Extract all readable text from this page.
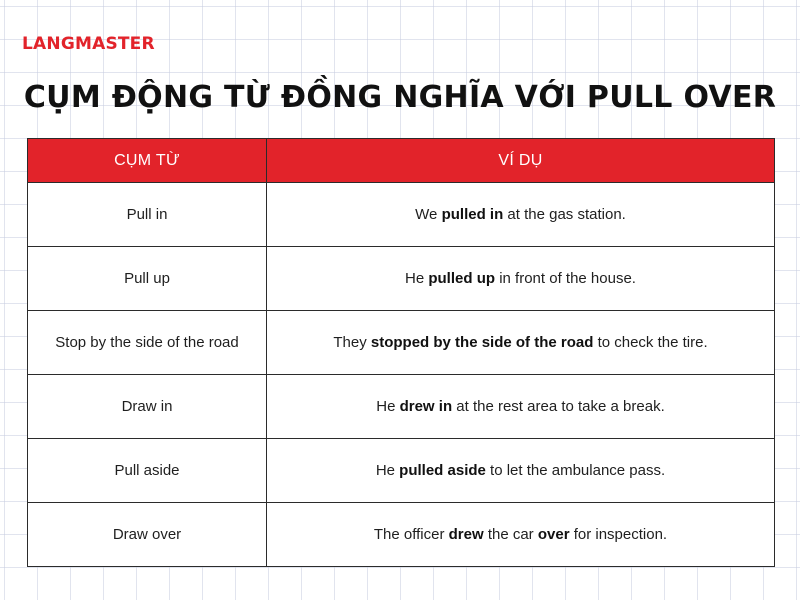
LANGMASTER
CỤM ĐỘNG TỪ ĐỒNG NGHĨA VỚI PULL OVER
CỤM TỪ	VÍ DỤ
Pull in	We pulled in at the gas station.
Pull up	He pulled up in front of the house.
Stop by the side of the road	They stopped by the side of the road to check the tire.
Draw in	He drew in at the rest area to take a break.
Pull aside	He pulled aside to let the ambulance pass.
Draw over	The officer drew the car over for inspection.
